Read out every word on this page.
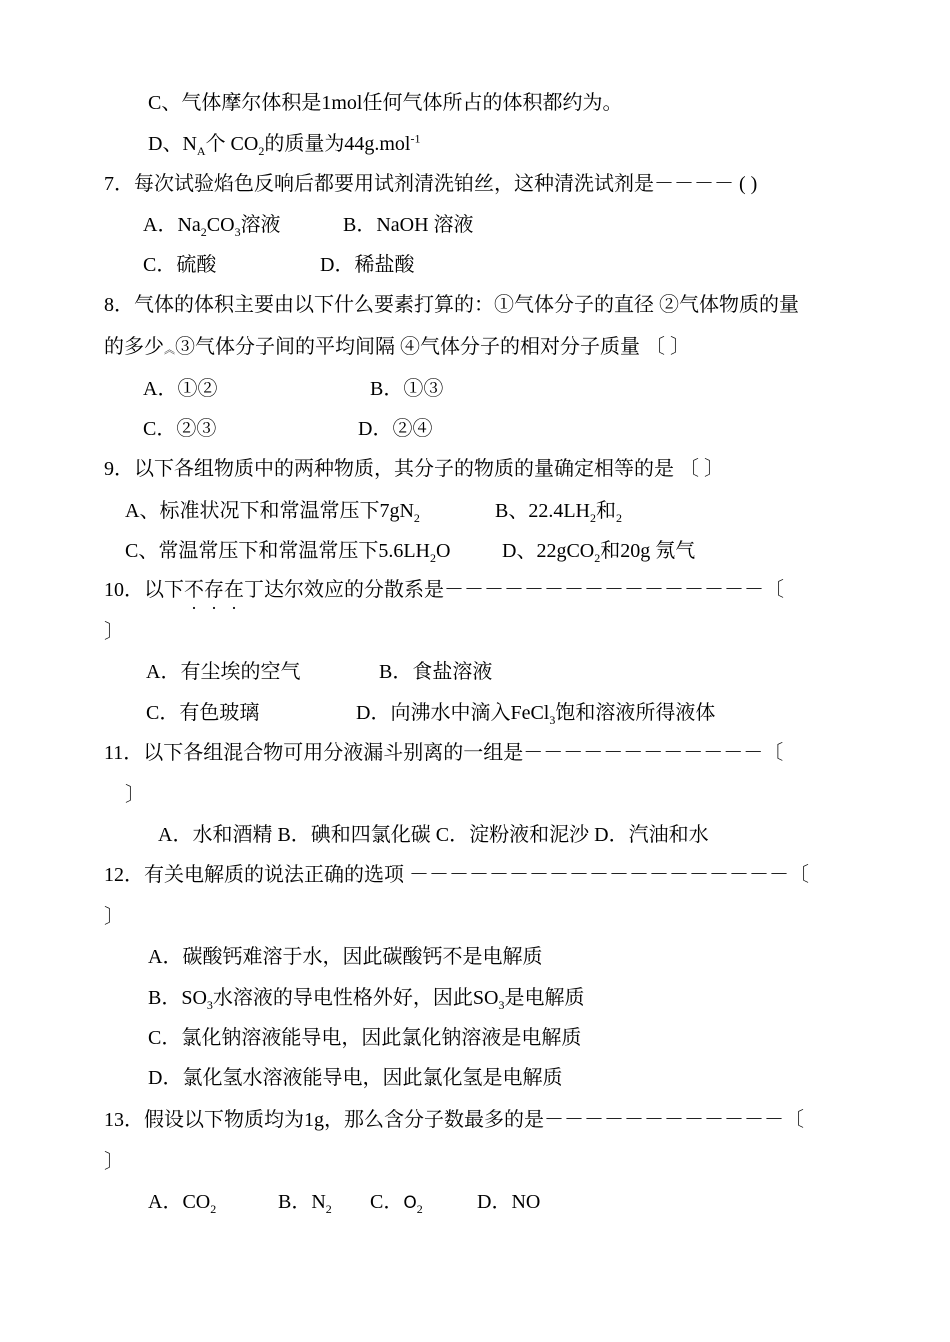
C、气体摩尔体积是1mol任何气体所占的体积都约为。
D、$N_A$个 $CO_2$的质量为44g.mol$^{-1}$
7．每次试验焰色反响后都要用试剂清洗铂丝，这种清洗试剂是－－－－ ( )
A．$Na_2CO_3$溶液	B．NaOH 溶液
C．硫酸	D．稀盐酸
8．气体的体积主要由以下什么要素打算的：①气体分子的直径 ②气体物质的量
的多少︽③气体分子间的平均间隔 ④气体分子的相对分子质量 〔 〕
A．①②	B．①③
C．②③	D．②④
9．以下各组物质中的两种物质，其分子的物质的量确定相等的是 〔 〕
A、标准状况下和常温常压下$7gN_2$	B、$22.4LH_2$和$_2$
C、常温常压下和常温常压下$5.6LH_2O$	D、22gCO$_2$和20g 氖气
10．以下不存在丁达尔效应的分散系是－－－－－－－－－－－－－－－－〔
〕
A．有尘埃的空气	B．食盐溶液
C．有色玻璃	D．向沸水中滴入FeCl$_3$饱和溶液所得液体
11．以下各组混合物可用分液漏斗别离的一组是－－－－－－－－－－－－〔
〕
A．水和酒精 B．碘和四氯化碳 C．淀粉液和泥沙 D．汽油和水
12．有关电解质的说法正确的选项 －－－－－－－－－－－－－－－－－－－〔
〕
A．碳酸钙难溶于水，因此碳酸钙不是电解质
B．$SO_3$水溶液的导电性格外好，因此$SO_3$是电解质
C．氯化钠溶液能导电，因此氯化钠溶液是电解质
D．氯化氢水溶液能导电，因此氯化氢是电解质
13．假设以下物质均为1g，那么含分子数最多的是－－－－－－－－－－－－〔
〕
A．$CO_2$	B．$N_2$ C．$O_2$	D．NO
